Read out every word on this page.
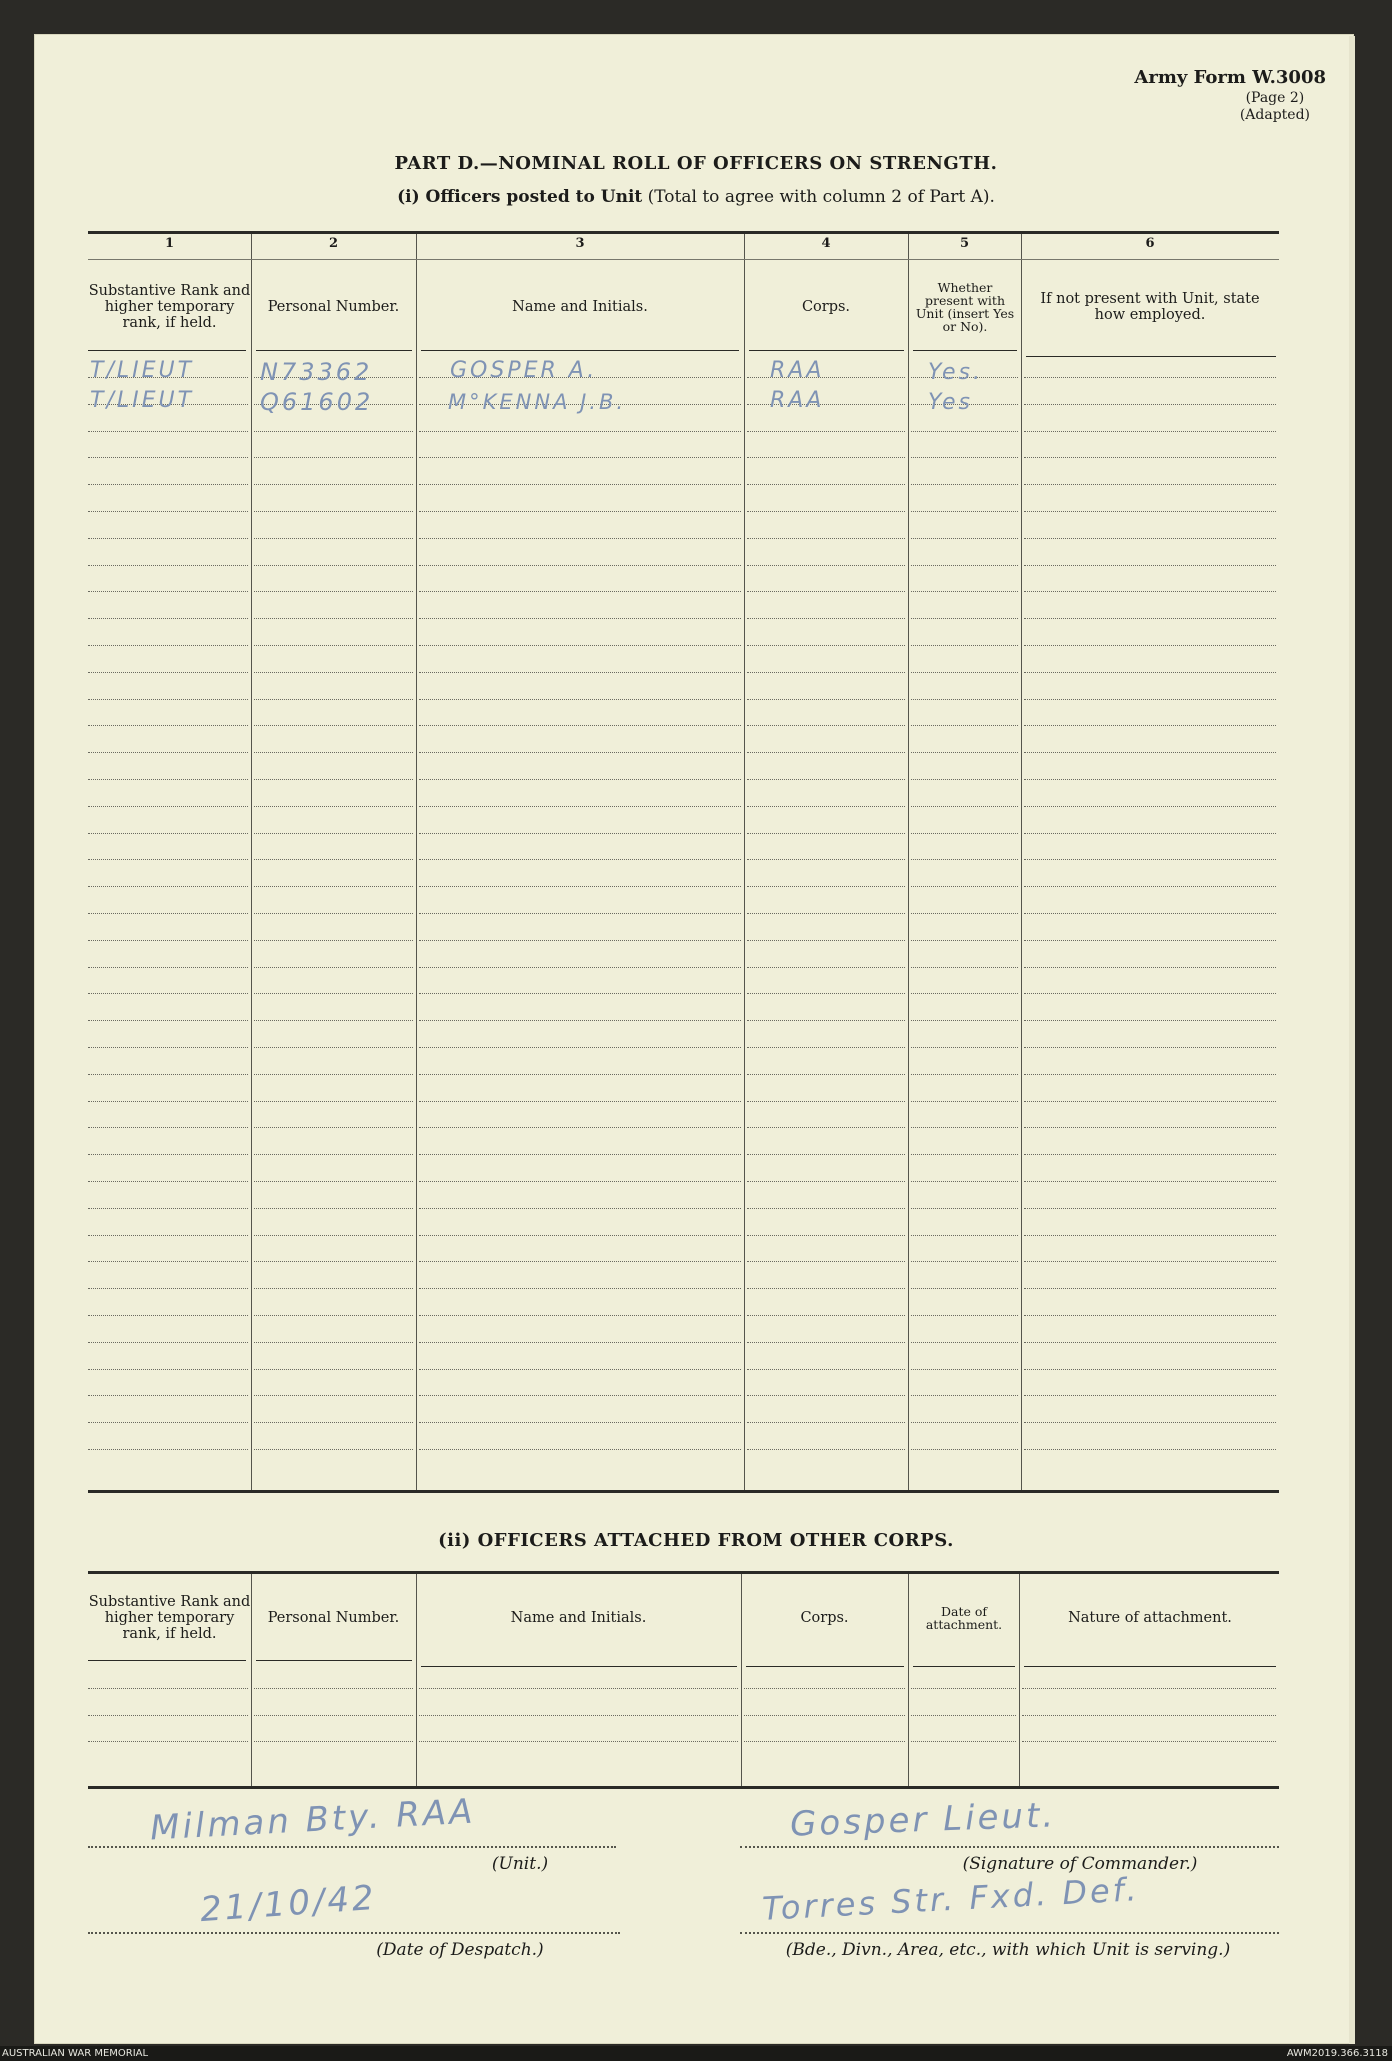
Army Form W.3008
(Page 2)
(Adapted)
PART D.—NOMINAL ROLL OF OFFICERS ON STRENGTH.
(i) Officers posted to Unit (Total to agree with column 2 of Part A).
1	2	3	4	5	6
Substantive Rank and higher temporary rank, if held.
Personal Number.	Name and Initials.	Corps.
Whether present with Unit (insert Yes or No).
If not present with Unit, state how employed.
T/LIEUT	N73362	GOSPER A.	RAA	Yes.
T/LIEUT	Q61602	M°KENNA J.B.	RAA	Yes
(ii) OFFICERS ATTACHED FROM OTHER CORPS.
Substantive Rank and higher temporary rank, if held.
Personal Number.	Name and Initials.	Corps.	Date of attachment.	Nature of attachment.
Milman Bty. RAA
(Unit.)
Gosper Lieut.
(Signature of Commander.)
21/10/42
(Date of Despatch.)
Torres Str. Fxd. Def.
(Bde., Divn., Area, etc., with which Unit is serving.)
AUSTRALIAN WAR MEMORIAL	AWM2019.366.3118
